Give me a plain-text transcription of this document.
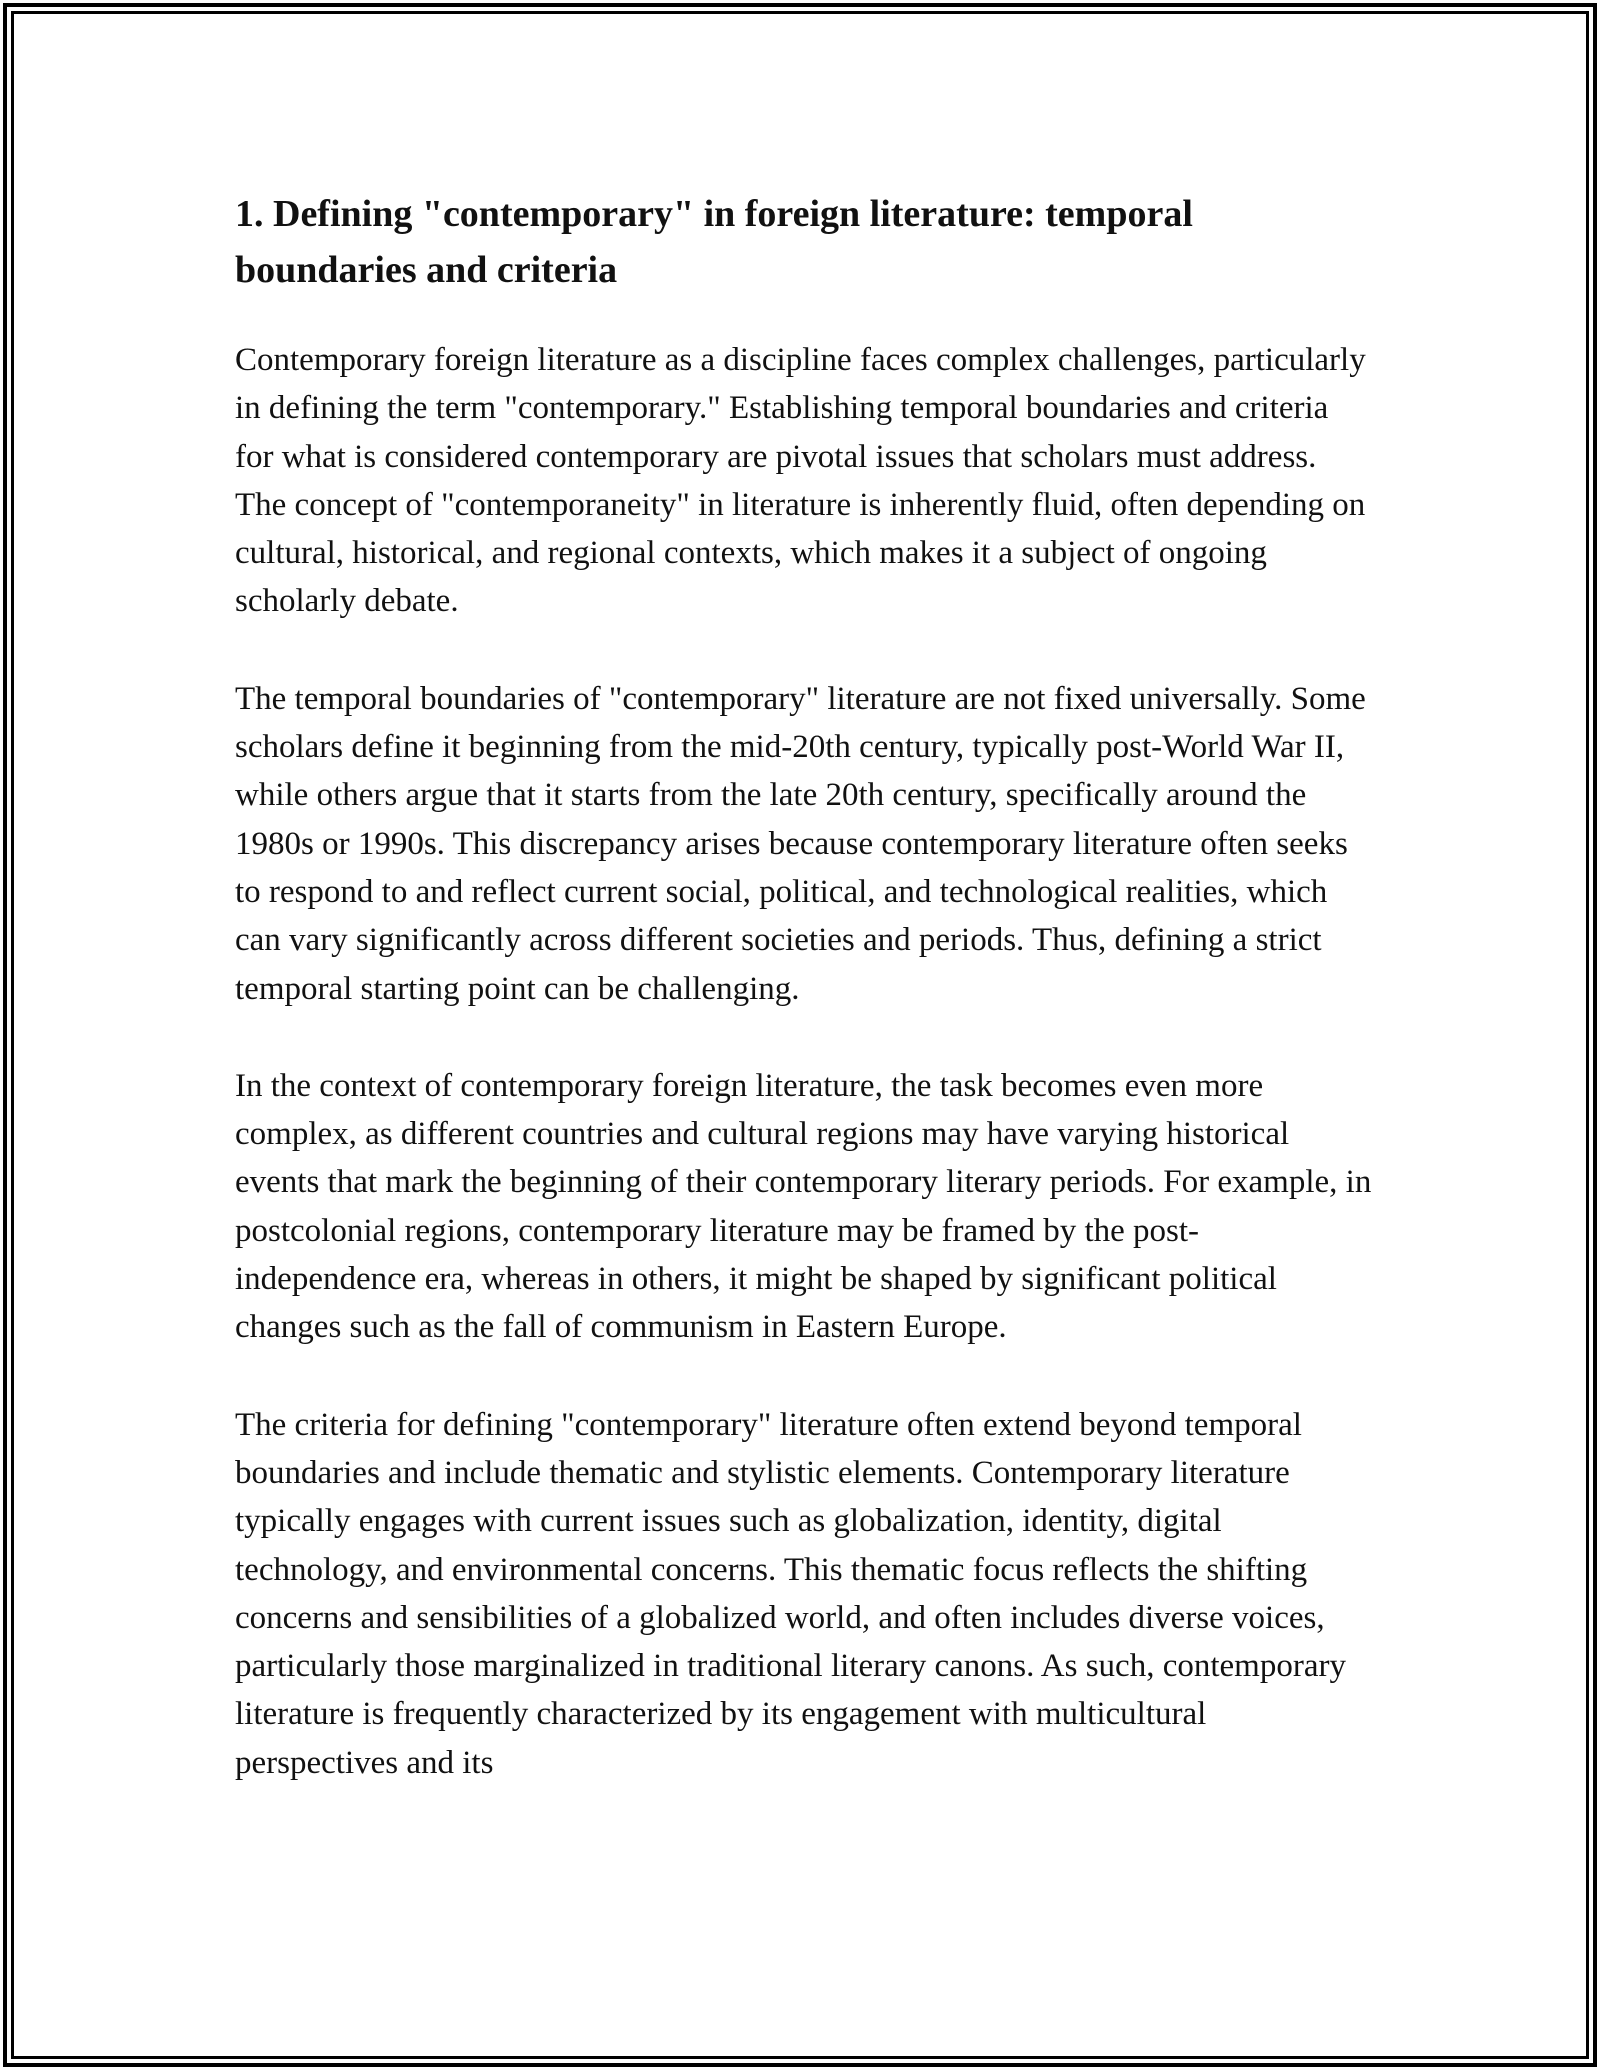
1. Defining "contemporary" in foreign literature: temporal boundaries and criteria

Contemporary foreign literature as a discipline faces complex challenges, particularly in defining the term "contemporary." Establishing temporal boundaries and criteria for what is considered contemporary are pivotal issues that scholars must address. The concept of "contemporaneity" in literature is inherently fluid, often depending on cultural, historical, and regional contexts, which makes it a subject of ongoing scholarly debate.

The temporal boundaries of "contemporary" literature are not fixed universally. Some scholars define it beginning from the mid-20th century, typically post-World War II, while others argue that it starts from the late 20th century, specifically around the 1980s or 1990s. This discrepancy arises because contemporary literature often seeks to respond to and reflect current social, political, and technological realities, which can vary significantly across different societies and periods. Thus, defining a strict temporal starting point can be challenging.

In the context of contemporary foreign literature, the task becomes even more complex, as different countries and cultural regions may have varying historical events that mark the beginning of their contemporary literary periods. For example, in postcolonial regions, contemporary literature may be framed by the post-independence era, whereas in others, it might be shaped by significant political changes such as the fall of communism in Eastern Europe.

The criteria for defining "contemporary" literature often extend beyond temporal boundaries and include thematic and stylistic elements. Contemporary literature typically engages with current issues such as globalization, identity, digital technology, and environmental concerns. This thematic focus reflects the shifting concerns and sensibilities of a globalized world, and often includes diverse voices, particularly those marginalized in traditional literary canons. As such, contemporary literature is frequently characterized by its engagement with multicultural perspectives and its
